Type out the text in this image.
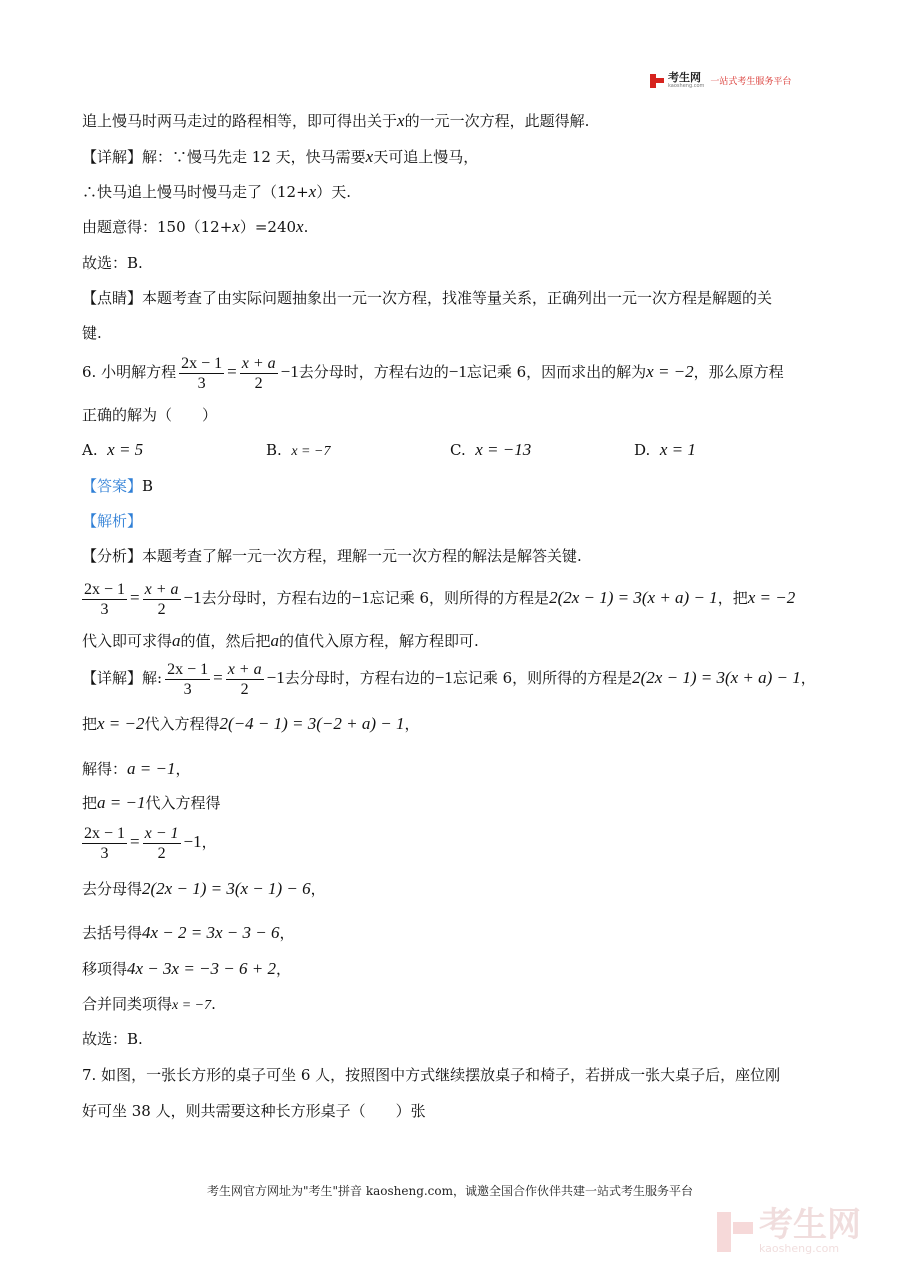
考生网
kaosheng.com 一站式考生服务平台
追上慢马时两马走过的路程相等，即可得出关于x的一元一次方程，此题得解.
【详解】解：∵慢马先走 12 天，快马需要x天可追上慢马，
∴快马追上慢马时慢马走了（12+x）天.
由题意得：150（12+x）=240x.
故选：B.
【点睛】本题考查了由实际问题抽象出一元一次方程，找准等量关系，正确列出一元一次方程是解题的关
键.
6. 小明解方程 $\frac{2x - 1}{3} = \frac{x + a}{2} -1$去分母时，方程右边的−1忘记乘 6，因而求出的解为x = −2，那么原方程
正确的解为（　　）
A. x = 5	B. x = −7	C. x = −13	D. x = 1
【答案】B
【解析】
【分析】本题考查了解一元一次方程，理解一元一次方程的解法是解答关键.
$\frac{2x - 1}{3} = \frac{x + a}{2} -1$去分母时，方程右边的−1忘记乘 6，则所得的方程是2(2x − 1) = 3(x + a) − 1，把x = −2
代入即可求得a的值，然后把a的值代入原方程，解方程即可.
【详解】解: $\frac{2x - 1}{3} = \frac{x + a}{2} -1$去分母时，方程右边的−1忘记乘 6，则所得的方程是2(2x − 1) = 3(x + a) − 1，
把x = −2代入方程得2(−4 − 1) = 3(−2 + a) − 1，
解得：a = −1，
把a = −1代入方程得
$\frac{2x - 1}{3} = \frac{x - 1}{2} -1$，
去分母得2(2x − 1) = 3(x − 1) − 6，
去括号得4x − 2 = 3x − 3 − 6，
移项得4x − 3x = −3 − 6 + 2，
合并同类项得x = −7.
故选：B.
7. 如图，一张长方形的桌子可坐 6 人，按照图中方式继续摆放桌子和椅子，若拼成一张大桌子后，座位刚
好可坐 38 人，则共需要这种长方形桌子（　　）张
考生网官方网址为"考生"拼音 kaosheng.com，诚邀全国合作伙伴共建一站式考生服务平台
考生网
kaosheng.com
